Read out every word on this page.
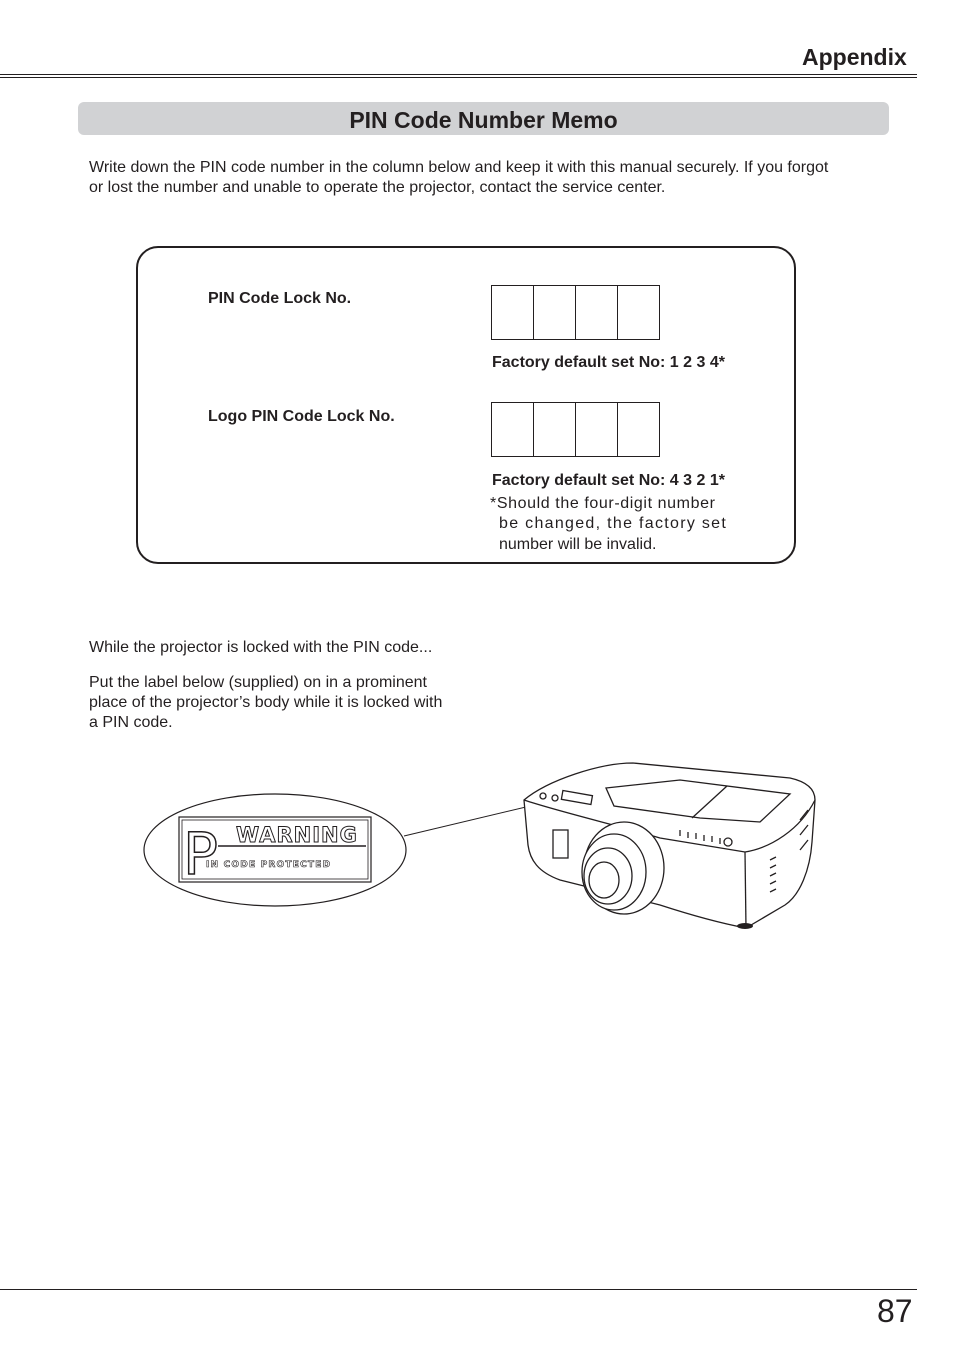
Appendix
PIN Code Number Memo
Write down the PIN code number in the column below and keep it with this manual securely. If you forgot
or lost the number and unable to operate the projector, contact the service center.
PIN Code Lock No.
Factory default set No: 1 2 3 4*
Logo PIN Code Lock No.
Factory default set No: 4 3 2 1*
*Should the four-digit number
be changed, the factory set
number will be invalid.
While the projector is locked with the PIN code...
Put the label below (supplied) on in a prominent
place of the projector’s body while it is locked with
a PIN code.
P WARNING
IN CODE PROTECTED
87
